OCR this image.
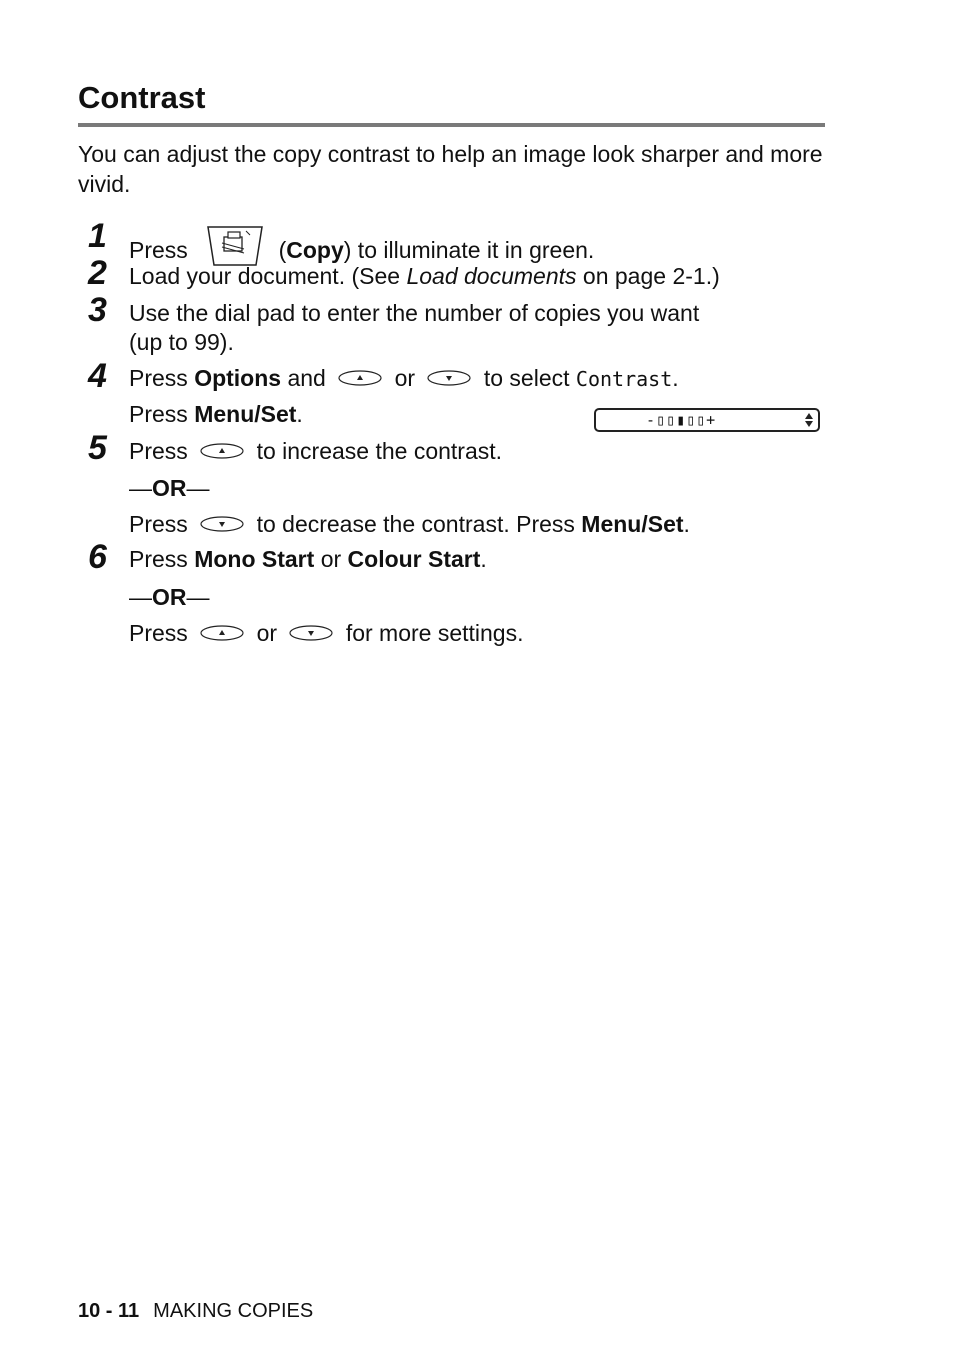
Contrast

You can adjust the copy contrast to help an image look sharper and more vivid.

1 Press	(Copy) to illuminate it in green.
2 Load your document. (See Load documents on page 2-1.)
3 Use the dial pad to enter the number of copies you want
(up to 99).
4 Press Options and	or	to select Contrast.
Press Menu/Set.	-▯▯▮▯▯+
5 Press	to increase the contrast.
—OR—
Press	to decrease the contrast. Press Menu/Set.
6 Press Mono Start or Colour Start.
—OR—
Press	or	for more settings.
10 - 11 MAKING COPIES
